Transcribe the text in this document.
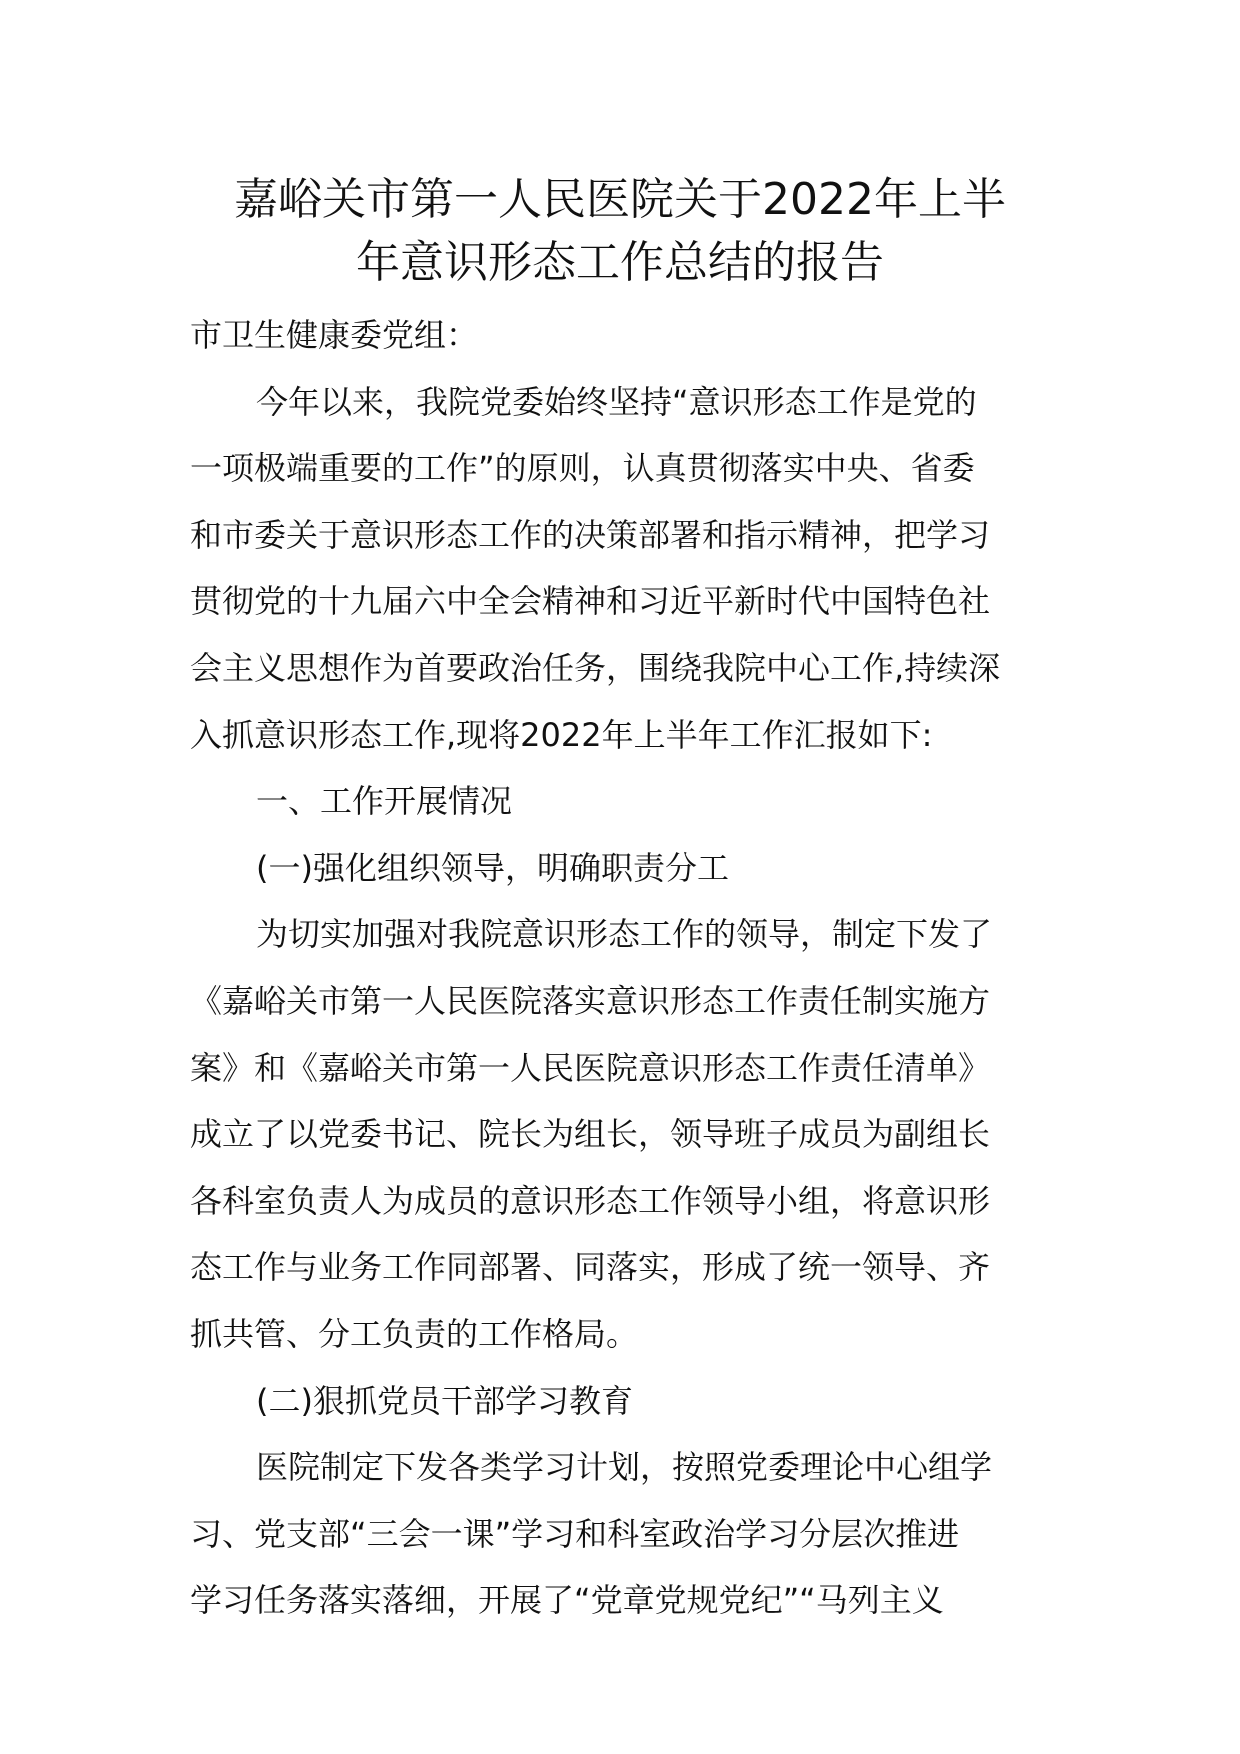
嘉峪关市第一人民医院关于2022年上半
年意识形态工作总结的报告
市卫生健康委党组：
今年以来，我院党委始终坚持“意识形态工作是党的
一项极端重要的工作”的原则，认真贯彻落实中央、省委
和市委关于意识形态工作的决策部署和指示精神，把学习
贯彻党的十九届六中全会精神和习近平新时代中国特色社
会主义思想作为首要政治任务，围绕我院中心工作,持续深
入抓意识形态工作,现将2022年上半年工作汇报如下:
一、工作开展情况
(一)强化组织领导，明确职责分工
为切实加强对我院意识形态工作的领导，制定下发了
《嘉峪关市第一人民医院落实意识形态工作责任制实施方
案》和《嘉峪关市第一人民医院意识形态工作责任清单》
成立了以党委书记、院长为组长，领导班子成员为副组长
各科室负责人为成员的意识形态工作领导小组，将意识形
态工作与业务工作同部署、同落实，形成了统一领导、齐
抓共管、分工负责的工作格局。
(二)狠抓党员干部学习教育
医院制定下发各类学习计划，按照党委理论中心组学
习、党支部“三会一课”学习和科室政治学习分层次推进
学习任务落实落细，开展了“党章党规党纪”“马列主义
